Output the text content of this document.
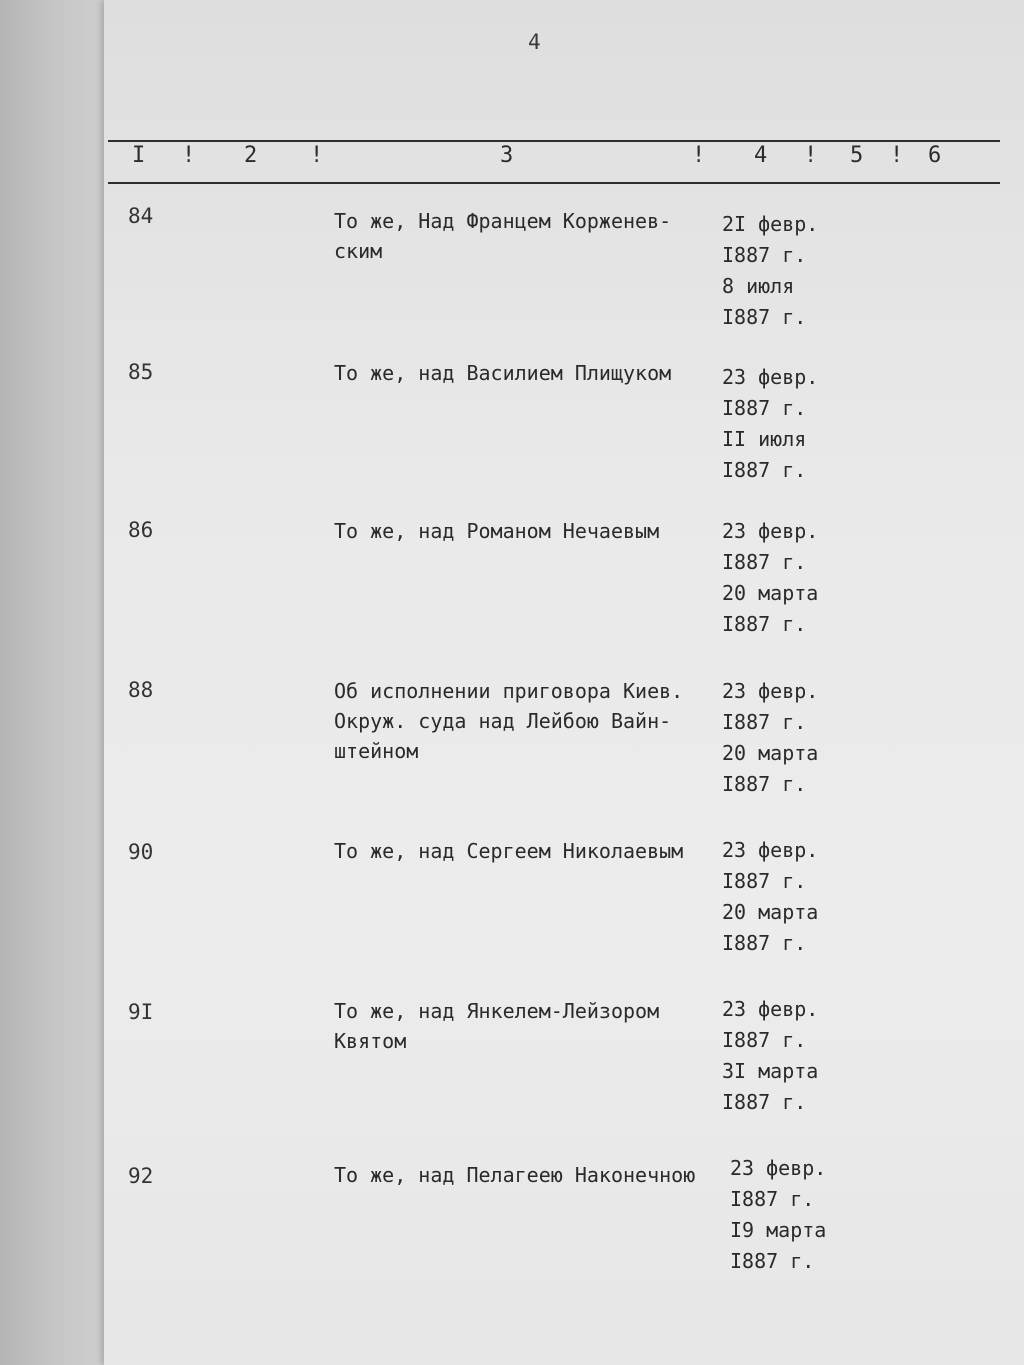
4
I ! 2 !	3	! 4 ! 5 ! 6
84	То же, Над Францем Корженев-
ским
2I февр.
I887 г.
8 июля
I887 г.
85	То же, над Василием Плищуком	23 февр.
I887 г.
II июля
I887 г.
86	То же, над Романом Нечаевым	23 февр.
I887 г.
20 марта
I887 г.
88	Об исполнении приговора Киев.
Окруж. суда над Лейбою Вайн-
штейном
23 февр.
I887 г.
20 марта
I887 г.
90	То же, над Сергеем Николаевым	23 февр.
I887 г.
20 марта
I887 г.
9I	То же, над Янкелем-Лейзором
Квятом
23 февр.
I887 г.
3I марта
I887 г.
92	То же, над Пелагеею Наконечною	23 февр.
I887 г.
I9 марта
I887 г.
